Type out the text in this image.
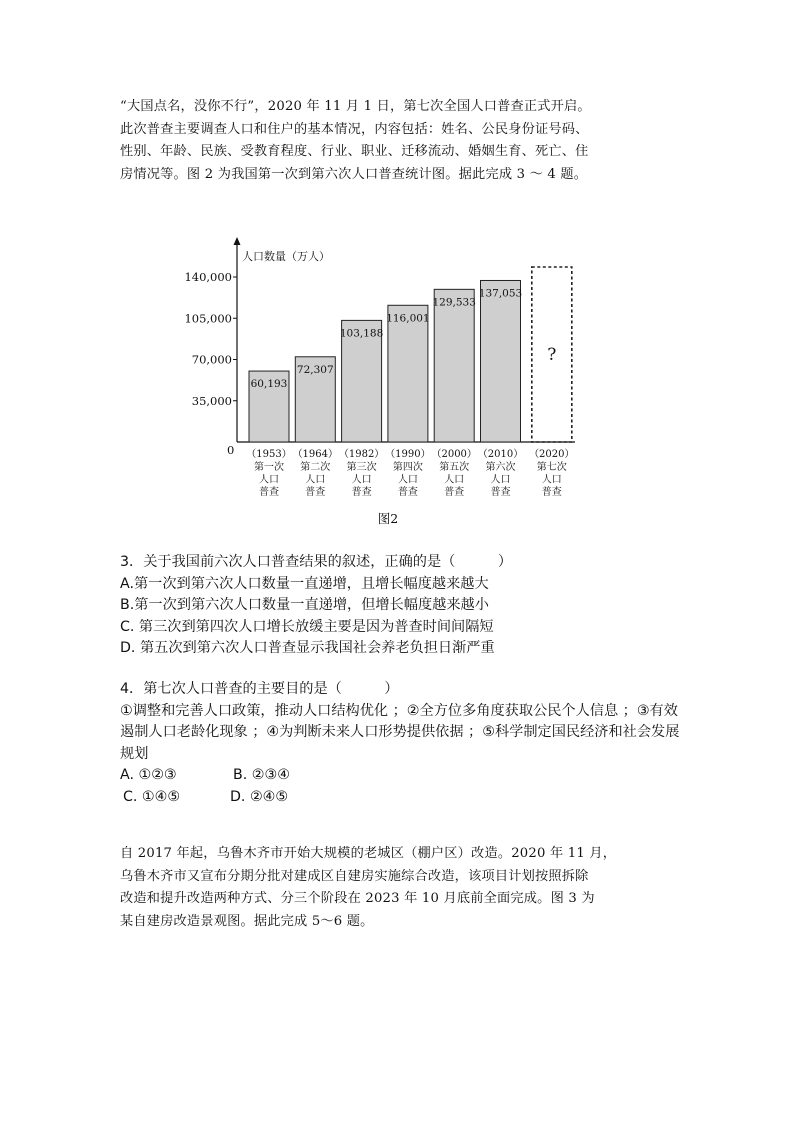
“大国点名，没你不行”，2020 年 11 月 1 日，第七次全国人口普查正式开启。
此次普查主要调查人口和住户的基本情况，内容包括：姓名、公民身份证号码、
性别、年龄、民族、受教育程度、行业、职业、迁移流动、婚姻生育、死亡、住
房情况等。图 2 为我国第一次到第六次人口普查统计图。据此完成 3 ～ 4 题。
人口数量（万人）
0
35,000
70,000
105,000
140,000
60,193
（1953）
第一次
人口
普查
72,307
（1964）
第二次
人口
普查
103,188
（1982）
第三次
人口
普查
116,001
（1990）
第四次
人口
普查
129,533
（2000）
第五次
人口
普查
137,053
（2010）
第六次
人口
普查
?
（2020）
第七次
人口
普查
图2
3．关于我国前六次人口普查结果的叙述，正确的是（　　　）
A.第一次到第六次人口数量一直递增，且增长幅度越来越大
B.第一次到第六次人口数量一直递增，但增长幅度越来越小
C. 第三次到第四次人口增长放缓主要是因为普查时间间隔短
D. 第五次到第六次人口普查显示我国社会养老负担日渐严重
4．第七次人口普查的主要目的是（　　　）
①调整和完善人口政策，推动人口结构优化 ；②全方位多角度获取公民个人信息 ；③有效遏制人口老龄化现象 ；④为判断未来人口形势提供依据 ；⑤科学制定国民经济和社会发展规划
A. ①②③	B. ②③④
C. ①④⑤	D. ②④⑤
自 2017 年起，乌鲁木齐市开始大规模的老城区（棚户区）改造。2020 年 11 月，
乌鲁木齐市又宣布分期分批对建成区自建房实施综合改造，该项目计划按照拆除
改造和提升改造两种方式、分三个阶段在 2023 年 10 月底前全面完成。图 3 为
某自建房改造景观图。据此完成 5～6 题。
